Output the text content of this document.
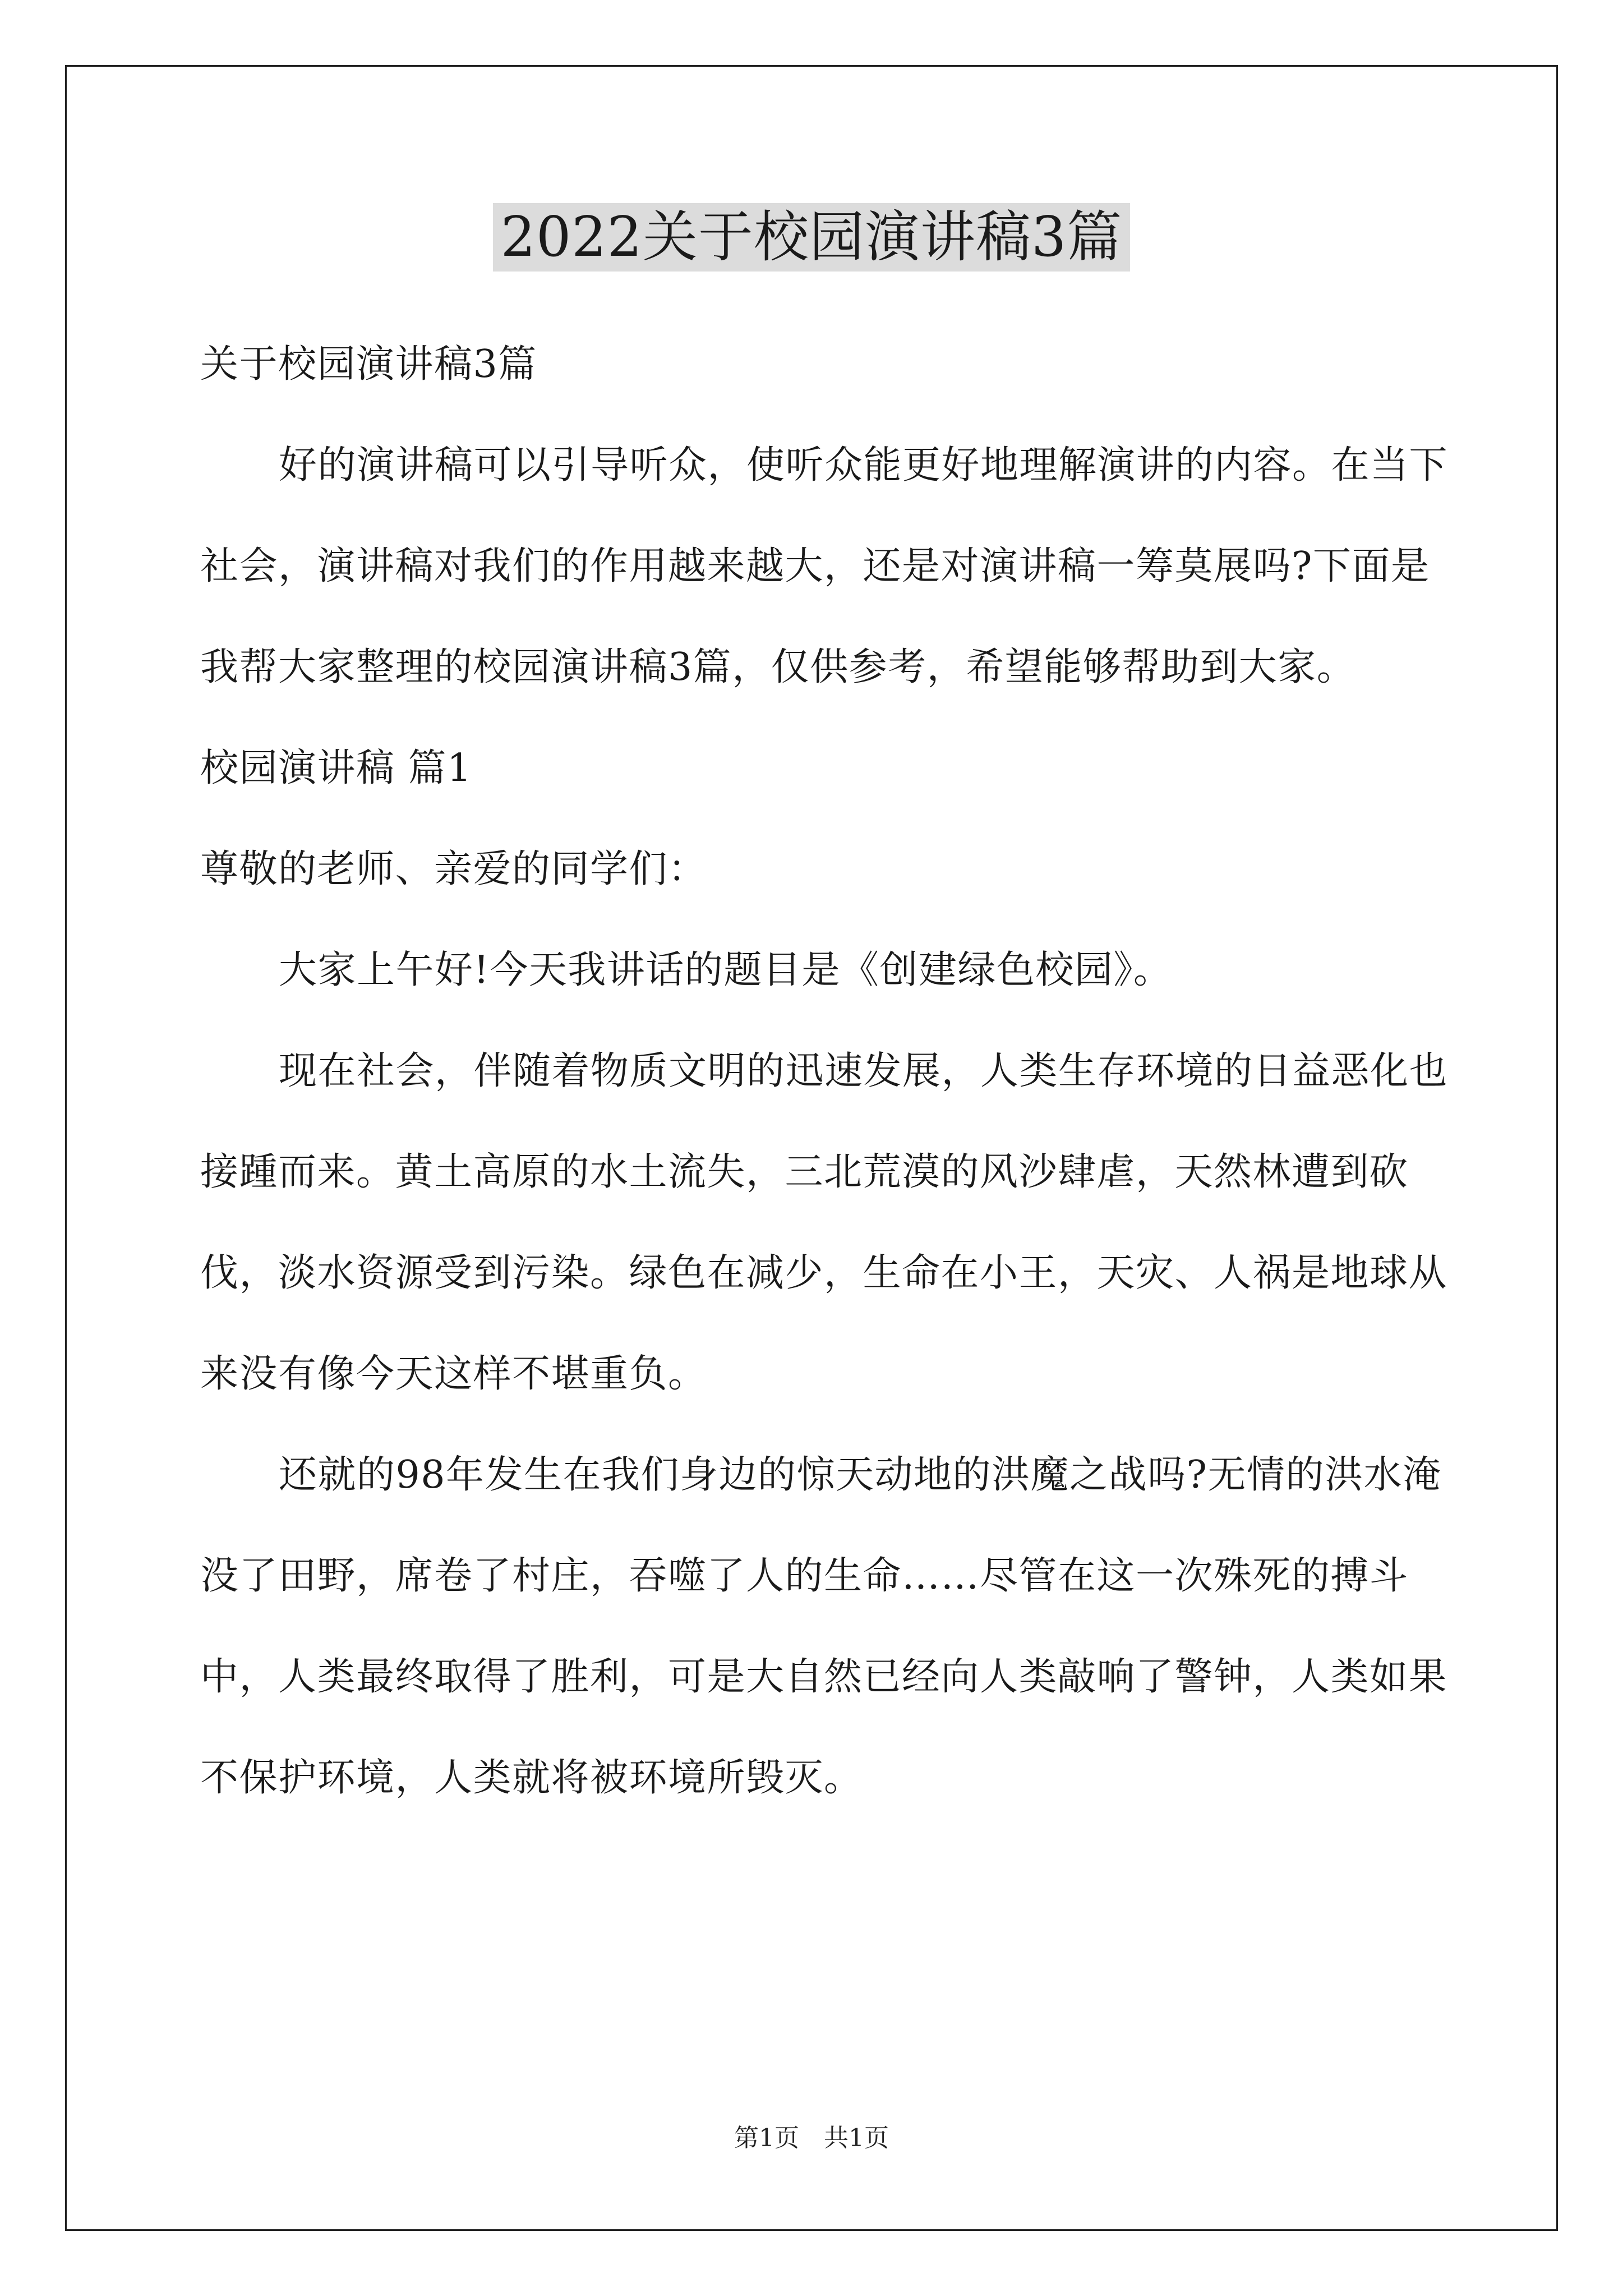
2022关于校园演讲稿3篇

关于校园演讲稿3篇

好的演讲稿可以引导听众，使听众能更好地理解演讲的内容。在当下社会，演讲稿对我们的作用越来越大，还是对演讲稿一筹莫展吗?下面是我帮大家整理的校园演讲稿3篇，仅供参考，希望能够帮助到大家。

校园演讲稿 篇1

尊敬的老师、亲爱的同学们：

大家上午好!今天我讲话的题目是《创建绿色校园》。

现在社会，伴随着物质文明的迅速发展，人类生存环境的日益恶化也接踵而来。黄土高原的水土流失，三北荒漠的风沙肆虐，天然林遭到砍伐，淡水资源受到污染。绿色在减少，生命在小王，天灾、人祸是地球从来没有像今天这样不堪重负。

还就的98年发生在我们身边的惊天动地的洪魔之战吗?无情的洪水淹没了田野，席卷了村庄，吞噬了人的生命……尽管在这一次殊死的搏斗中，人类最终取得了胜利，可是大自然已经向人类敲响了警钟，人类如果不保护环境，人类就将被环境所毁灭。

第1页　共1页
